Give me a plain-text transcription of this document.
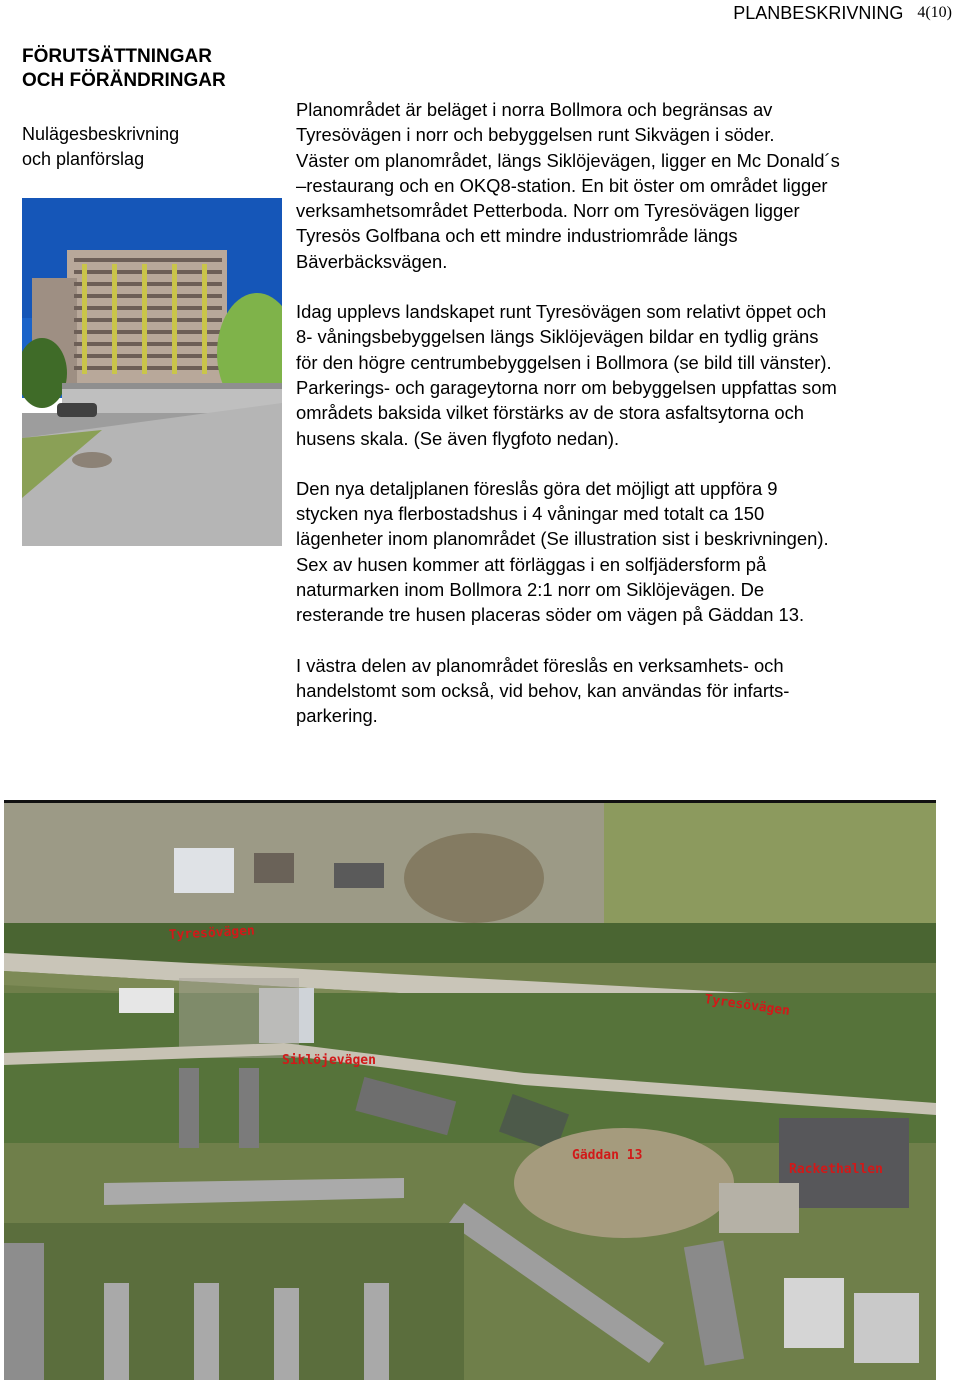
PLANBESKRIVNING 4(10)
FÖRUTSÄTTNINGAR
OCH FÖRÄNDRINGAR
Nulägesbeskrivning
och planförslag

Planområdet är beläget i norra Bollmora och begränsas av
Tyresövägen i norr och bebyggelsen runt Sikvägen i söder.
Väster om planområdet, längs Siklöjevägen, ligger en Mc Donald´s
–restaurang och en OKQ8-station. En bit öster om området ligger
verksamhetsområdet Petterboda. Norr om Tyresövägen ligger
Tyresös Golfbana och ett mindre industriområde längs
Bäverbäcksvägen.

Idag upplevs landskapet runt Tyresövägen som relativt öppet och
8- våningsbebyggelsen längs Siklöjevägen bildar en tydlig gräns
för den högre centrumbebyggelsen i Bollmora (se bild till vänster).
Parkerings- och garageytorna norr om bebyggelsen uppfattas som
områdets baksida vilket förstärks av de stora asfaltsytorna och
husens skala. (Se även flygfoto nedan).

Den nya detaljplanen föreslås göra det möjligt att uppföra 9
stycken nya flerbostadshus i 4 våningar med totalt ca 150
lägenheter inom planområdet (Se illustration sist i beskrivningen).
Sex av husen kommer att förläggas i en solfjädersform på
naturmarken inom Bollmora 2:1 norr om Siklöjevägen. De
resterande tre husen placeras söder om vägen på Gäddan 13.

I västra delen av planområdet föreslås en verksamhets- och
handelstomt som också, vid behov, kan användas för infarts-
parkering.

Tyresövägen
Tyresövägen
Siklöjevägen
Gäddan 13
Rackethallen
